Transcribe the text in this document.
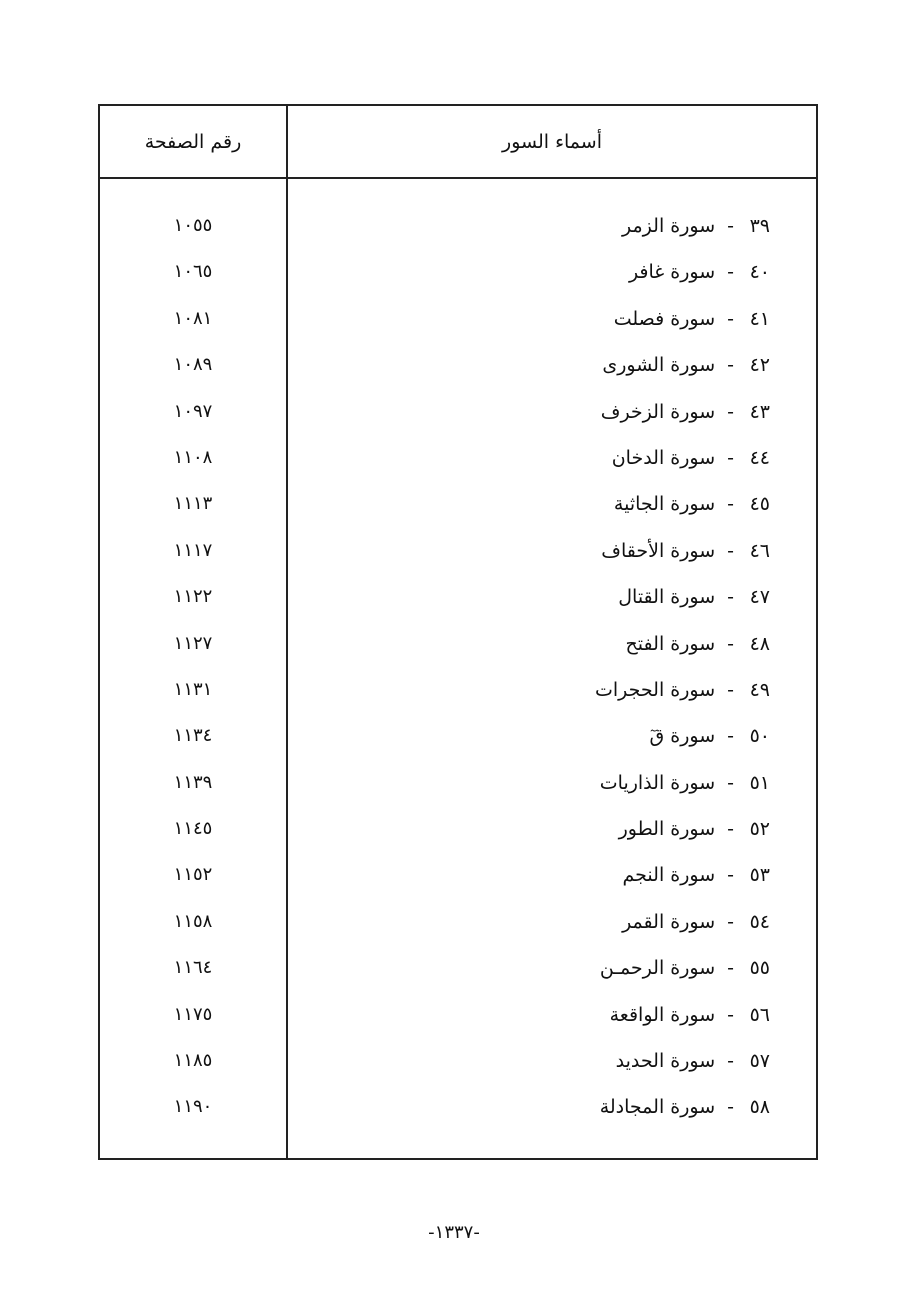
أسماء السور
رقم الصفحة
٣٩-سورة الزمر
١٠٥٥
٤٠-سورة غافر
١٠٦٥
٤١-سورة فصلت
١٠٨١
٤٢-سورة الشورى
١٠٨٩
٤٣-سورة الزخرف
١٠٩٧
٤٤-سورة الدخان
١١٠٨
٤٥-سورة الجاثية
١١١٣
٤٦-سورة الأحقاف
١١١٧
٤٧-سورة القتال
١١٢٢
٤٨-سورة الفتح
١١٢٧
٤٩-سورة الحجرات
١١٣١
٥٠-سورة قٓ
١١٣٤
٥١-سورة الذاريات
١١٣٩
٥٢-سورة الطور
١١٤٥
٥٣-سورة النجم
١١٥٢
٥٤-سورة القمر
١١٥٨
٥٥-سورة الرحمـن
١١٦٤
٥٦-سورة الواقعة
١١٧٥
٥٧-سورة الحديد
١١٨٥
٥٨-سورة المجادلة
١١٩٠
-١٣٣٧-
